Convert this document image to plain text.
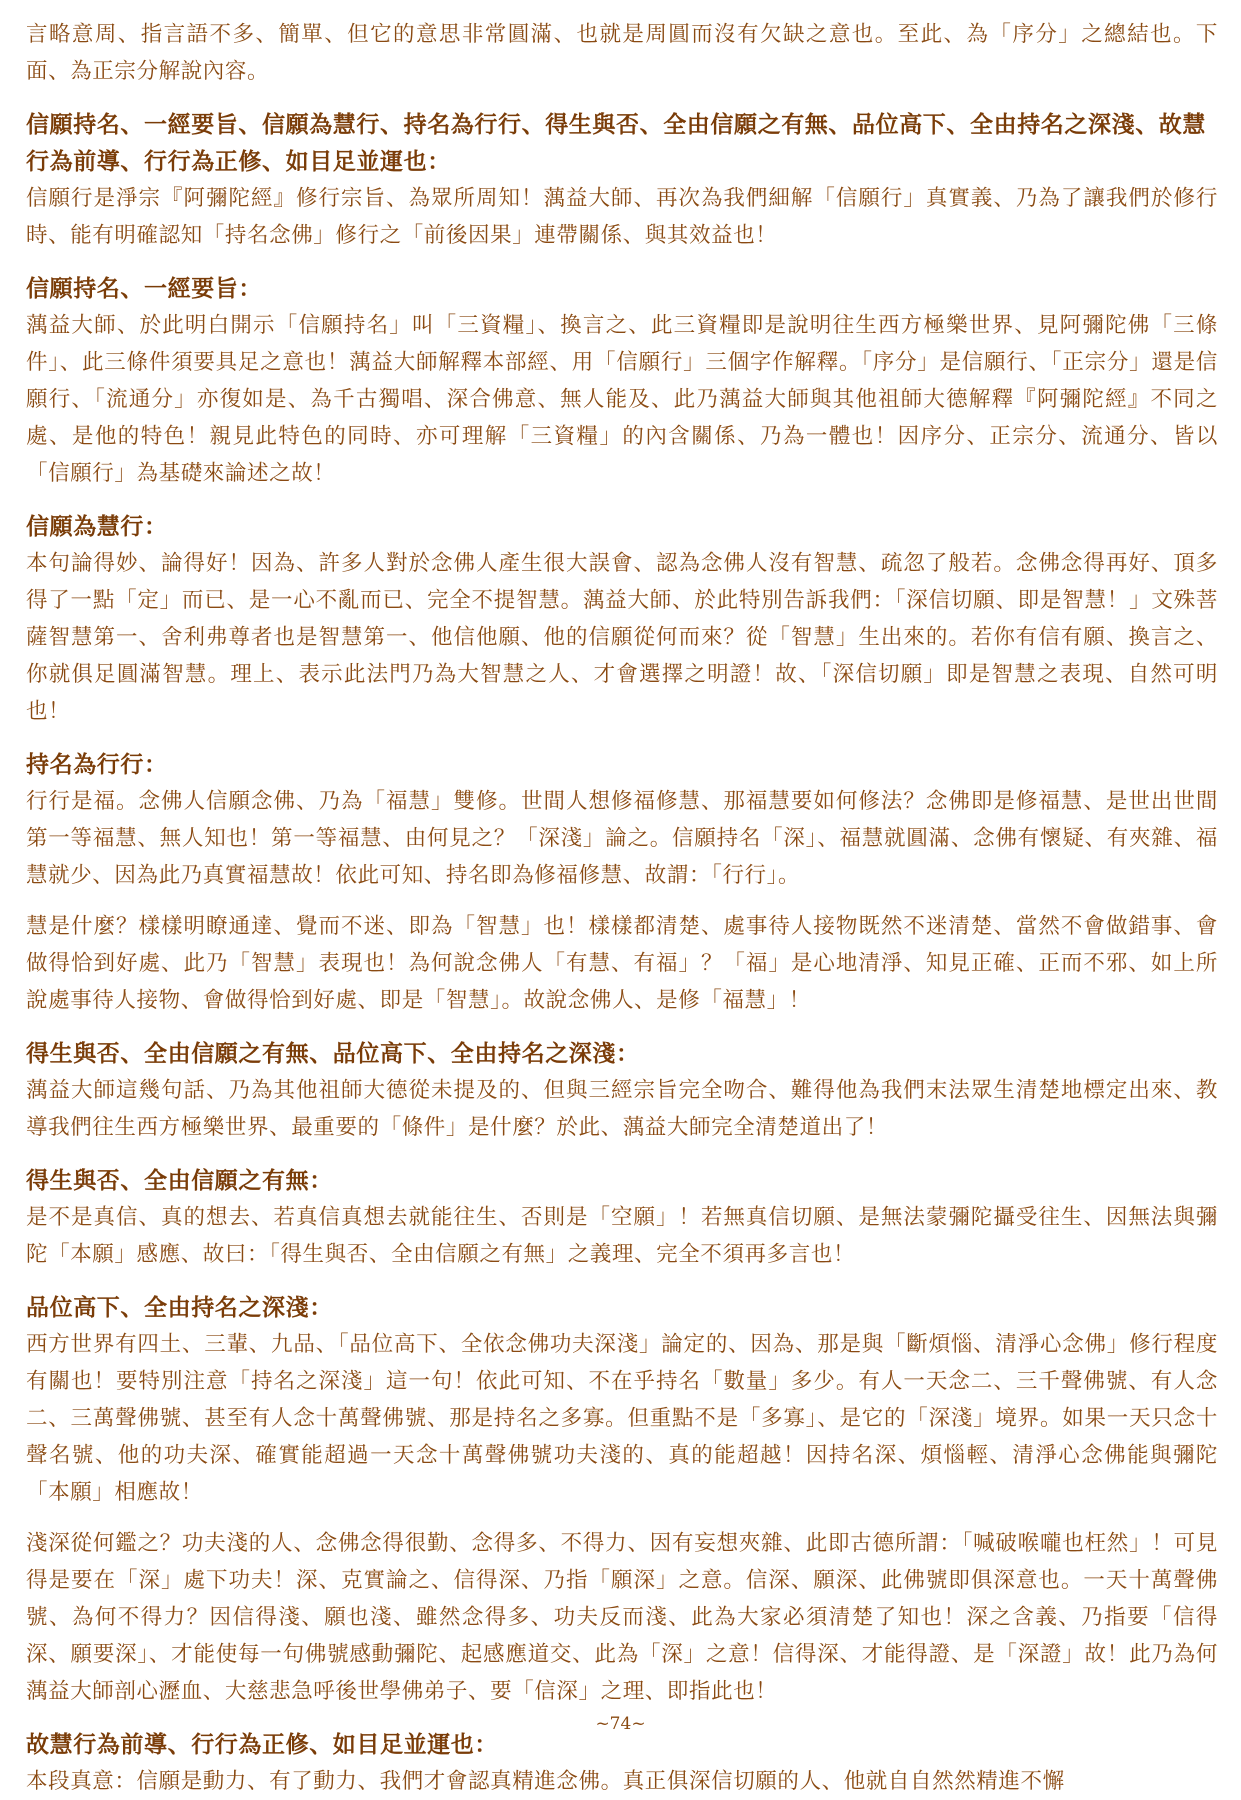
言略意周、指言語不多、簡單、但它的意思非常圓滿、也就是周圓而沒有欠缺之意也。至此、為「序分」之總結也。下面、為正宗分解說內容。

信願持名、一經要旨、信願為慧行、持名為行行、得生與否、全由信願之有無、品位高下、全由持名之深淺、故慧行為前導、行行為正修、如目足並運也：

信願行是淨宗『阿彌陀經』修行宗旨、為眾所周知！蕅益大師、再次為我們細解「信願行」真實義、乃為了讓我們於修行時、能有明確認知「持名念佛」修行之「前後因果」連帶關係、與其效益也！

信願持名、一經要旨：

蕅益大師、於此明白開示「信願持名」叫「三資糧」、換言之、此三資糧即是說明往生西方極樂世界、見阿彌陀佛「三條件」、此三條件須要具足之意也！蕅益大師解釋本部經、用「信願行」三個字作解釋。「序分」是信願行、「正宗分」還是信願行、「流通分」亦復如是、為千古獨唱、深合佛意、無人能及、此乃蕅益大師與其他祖師大德解釋『阿彌陀經』不同之處、是他的特色！親見此特色的同時、亦可理解「三資糧」的內含關係、乃為一體也！因序分、正宗分、流通分、皆以「信願行」為基礎來論述之故！

信願為慧行：

本句論得妙、論得好！因為、許多人對於念佛人產生很大誤會、認為念佛人沒有智慧、疏忽了般若。念佛念得再好、頂多得了一點「定」而已、是一心不亂而已、完全不提智慧。蕅益大師、於此特別告訴我們：「深信切願、即是智慧！」文殊菩薩智慧第一、舍利弗尊者也是智慧第一、他信他願、他的信願從何而來？從「智慧」生出來的。若你有信有願、換言之、你就俱足圓滿智慧。理上、表示此法門乃為大智慧之人、才會選擇之明證！故、「深信切願」即是智慧之表現、自然可明也！

持名為行行：

行行是福。念佛人信願念佛、乃為「福慧」雙修。世間人想修福修慧、那福慧要如何修法？念佛即是修福慧、是世出世間第一等福慧、無人知也！第一等福慧、由何見之？「深淺」論之。信願持名「深」、福慧就圓滿、念佛有懷疑、有夾雜、福慧就少、因為此乃真實福慧故！依此可知、持名即為修福修慧、故謂：「行行」。

慧是什麼？樣樣明瞭通達、覺而不迷、即為「智慧」也！樣樣都清楚、處事待人接物既然不迷清楚、當然不會做錯事、會做得恰到好處、此乃「智慧」表現也！為何說念佛人「有慧、有福」？「福」是心地清淨、知見正確、正而不邪、如上所說處事待人接物、會做得恰到好處、即是「智慧」。故說念佛人、是修「福慧」！

得生與否、全由信願之有無、品位高下、全由持名之深淺：

蕅益大師這幾句話、乃為其他祖師大德從未提及的、但與三經宗旨完全吻合、難得他為我們末法眾生清楚地標定出來、教導我們往生西方極樂世界、最重要的「條件」是什麼？於此、蕅益大師完全清楚道出了！

得生與否、全由信願之有無：

是不是真信、真的想去、若真信真想去就能往生、否則是「空願」！若無真信切願、是無法蒙彌陀攝受往生、因無法與彌陀「本願」感應、故曰：「得生與否、全由信願之有無」之義理、完全不須再多言也！

品位高下、全由持名之深淺：

西方世界有四土、三輩、九品、「品位高下、全依念佛功夫深淺」論定的、因為、那是與「斷煩惱、清淨心念佛」修行程度有關也！要特別注意「持名之深淺」這一句！依此可知、不在乎持名「數量」多少。有人一天念二、三千聲佛號、有人念二、三萬聲佛號、甚至有人念十萬聲佛號、那是持名之多寡。但重點不是「多寡」、是它的「深淺」境界。如果一天只念十聲名號、他的功夫深、確實能超過一天念十萬聲佛號功夫淺的、真的能超越！因持名深、煩惱輕、清淨心念佛能與彌陀「本願」相應故！

淺深從何鑑之？功夫淺的人、念佛念得很勤、念得多、不得力、因有妄想夾雜、此即古德所謂：「喊破喉嚨也枉然」！可見得是要在「深」處下功夫！深、克實論之、信得深、乃指「願深」之意。信深、願深、此佛號即俱深意也。一天十萬聲佛號、為何不得力？因信得淺、願也淺、雖然念得多、功夫反而淺、此為大家必須清楚了知也！深之含義、乃指要「信得深、願要深」、才能使每一句佛號感動彌陀、起感應道交、此為「深」之意！信得深、才能得證、是「深證」故！此乃為何蕅益大師剖心瀝血、大慈悲急呼後世學佛弟子、要「信深」之理、即指此也！

故慧行為前導、行行為正修、如目足並運也：

本段真意：信願是動力、有了動力、我們才會認真精進念佛。真正俱深信切願的人、他就自自然然精進不懈

~74~
